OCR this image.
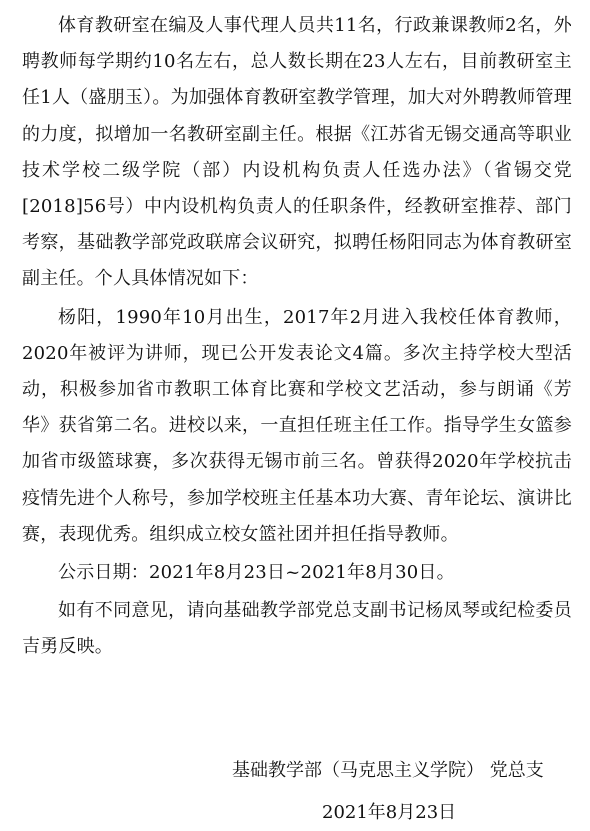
体育教研室在编及人事代理人员共11名，行政兼课教师2名，外聘教师每学期约10名左右，总人数长期在23人左右，目前教研室主任1人（盛朋玉）。为加强体育教研室教学管理，加大对外聘教师管理的力度，拟增加一名教研室副主任。根据《江苏省无锡交通高等职业技术学校二级学院（部）内设机构负责人任选办法》（省锡交党[2018]56号）中内设机构负责人的任职条件，经教研室推荐、部门考察，基础教学部党政联席会议研究，拟聘任杨阳同志为体育教研室副主任。个人具体情况如下：

杨阳，1990年10月出生，2017年2月进入我校任体育教师，2020年被评为讲师，现已公开发表论文4篇。多次主持学校大型活动，积极参加省市教职工体育比赛和学校文艺活动，参与朗诵《芳华》获省第二名。进校以来，一直担任班主任工作。指导学生女篮参加省市级篮球赛，多次获得无锡市前三名。曾获得2020年学校抗击疫情先进个人称号，参加学校班主任基本功大赛、青年论坛、演讲比赛，表现优秀。组织成立校女篮社团并担任指导教师。

公示日期：2021年8月23日~2021年8月30日。

如有不同意见，请向基础教学部党总支副书记杨凤琴或纪检委员吉勇反映。

基础教学部（马克思主义学院） 党总支
2021年8月23日
